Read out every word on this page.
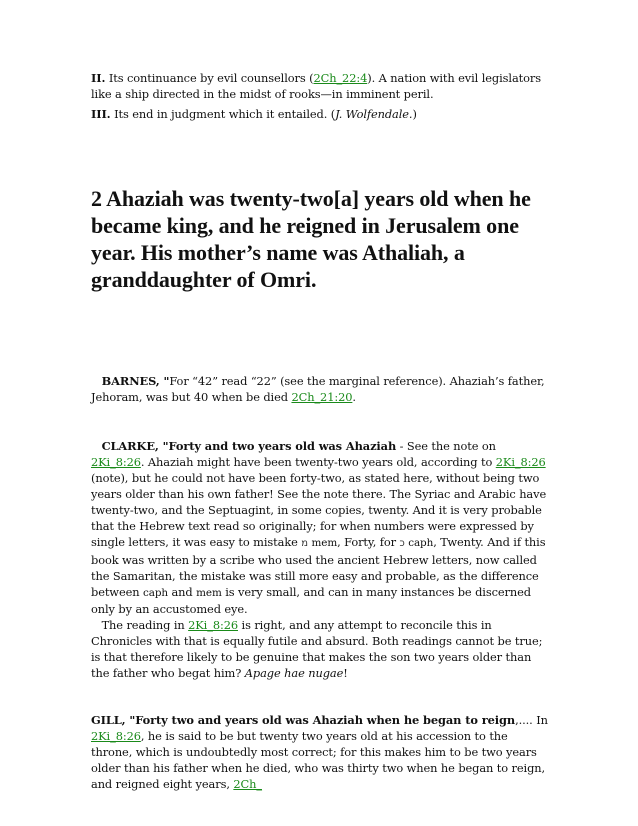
II. Its continuance by evil counsellors (2Ch_22:4). A nation with evil legislators like a ship directed in the midst of rooks—in imminent peril.

III. Its end in judgment which it entailed. (J. Wolfendale.)

2 Ahaziah was twenty-two[a] years old when he became king, and he reigned in Jerusalem one year. His mother’s name was Athaliah, a granddaughter of Omri.

BARNES, "For “42” read “22” (see the marginal reference). Ahaziah’s father, Jehoram, was but 40 when be died 2Ch_21:20.

CLARKE, "Forty and two years old was Ahaziah - See the note on 2Ki_8:26. Ahaziah might have been twenty-two years old, according to 2Ki_8:26 (note), but he could not have been forty-two, as stated here, without being two years older than his own father! See the note there. The Syriac and Arabic have twenty-two, and the Septuagint, in some copies, twenty. And it is very probable that the Hebrew text read so originally; for when numbers were expressed by single letters, it was easy to mistake מ mem, Forty, for כ caph, Twenty. And if this book was written by a scribe who used the ancient Hebrew letters, now called the Samaritan, the mistake was still more easy and probable, as the difference between caph and mem is very small, and can in many instances be discerned only by an accustomed eye.
The reading in 2Ki_8:26 is right, and any attempt to reconcile this in Chronicles with that is equally futile and absurd. Both readings cannot be true; is that therefore likely to be genuine that makes the son two years older than the father who begat him? Apage hae nugae!

GILL, "Forty two and years old was Ahaziah when he began to reign,.... In 2Ki_8:26, he is said to be but twenty two years old at his accession to the throne, which is undoubtedly most correct; for this makes him to be two years older than his father when he died, who was thirty two when he began to reign, and reigned eight years, 2Ch_
